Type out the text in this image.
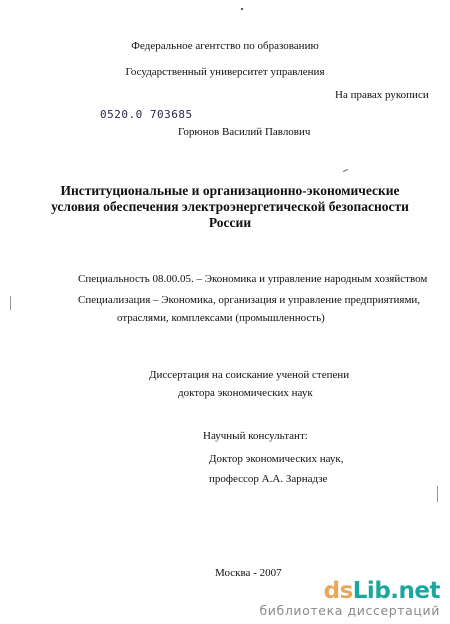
Федеральное агентство по образованию
Государственный университет управления
На правах рукописи
0520.0 703685
Горюнов Василий Павлович
Институциональные и организационно-экономические условия обеспечения электроэнергетической безопасности России
Специальность 08.00.05. – Экономика и управление народным хозяйством
Специализация – Экономика, организация и управление предприятиями,
отраслями, комплексами (промышленность)
Диссертация на соискание ученой степени
доктора экономических наук
Научный консультант:
Доктор экономических наук,
профессор А.А. Зарнадзе
Москва - 2007
dsLib.net
библиотека диссертаций
